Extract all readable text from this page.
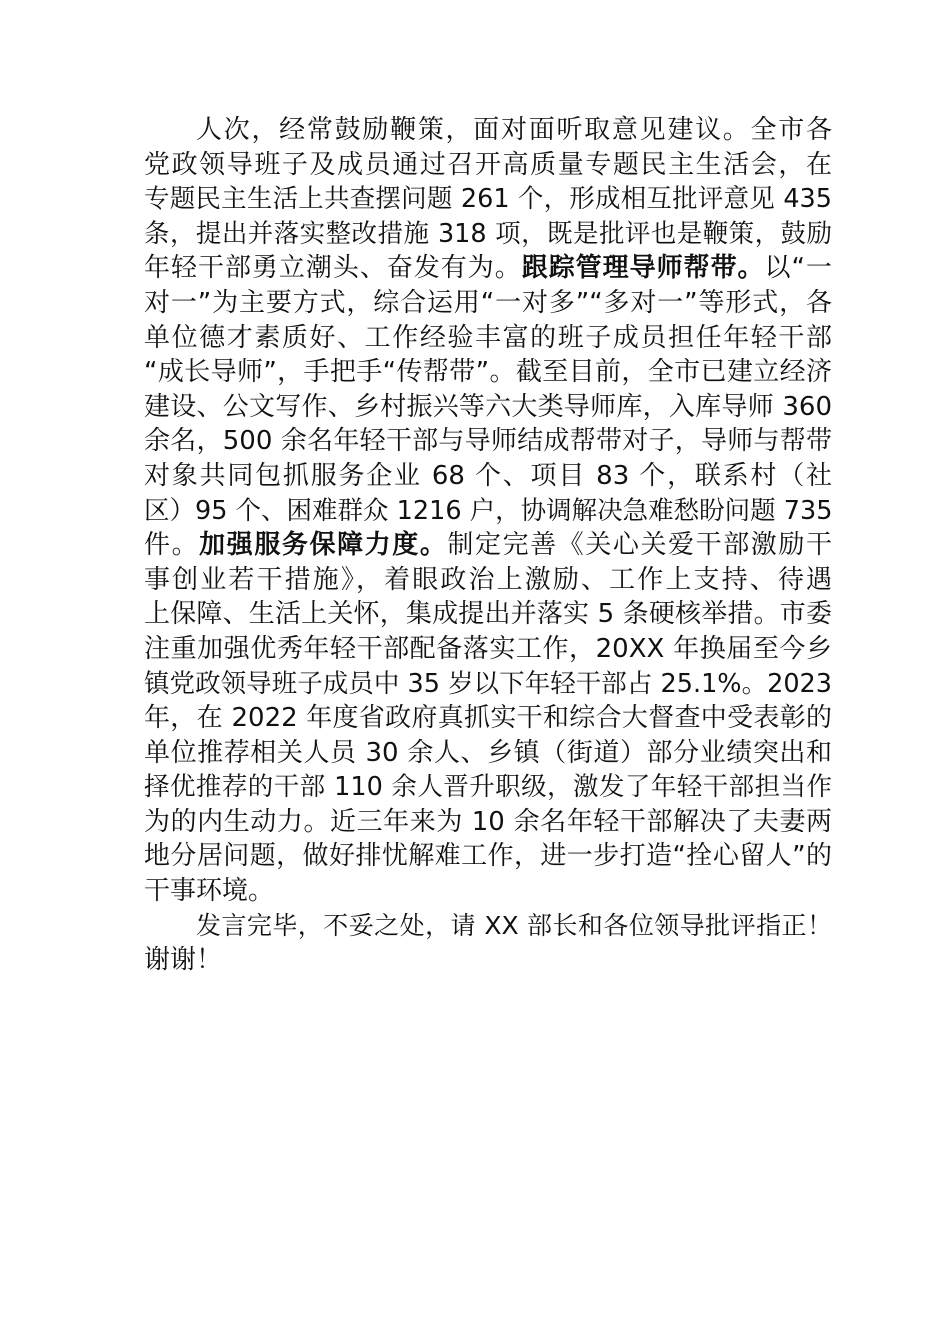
人次，经常鼓励鞭策，面对面听取意见建议。全市各
党政领导班子及成员通过召开高质量专题民主生活会，在
专题民主生活上共查摆问题 261 个，形成相互批评意见 435
条，提出并落实整改措施 318 项，既是批评也是鞭策，鼓励
年轻干部勇立潮头、奋发有为。跟踪管理导师帮带。以“一
对一”为主要方式，综合运用“一对多”“多对一”等形式，各
单位德才素质好、工作经验丰富的班子成员担任年轻干部
“成长导师”，手把手“传帮带”。截至目前，全市已建立经济
建设、公文写作、乡村振兴等六大类导师库，入库导师 360
余名，500 余名年轻干部与导师结成帮带对子，导师与帮带
对象共同包抓服务企业 68 个、项目 83 个，联系村（社
区）95 个、困难群众 1216 户，协调解决急难愁盼问题 735
件。加强服务保障力度。制定完善《关心关爱干部激励干
事创业若干措施》，着眼政治上激励、工作上支持、待遇
上保障、生活上关怀，集成提出并落实 5 条硬核举措。市委
注重加强优秀年轻干部配备落实工作，20XX 年换届至今乡
镇党政领导班子成员中 35 岁以下年轻干部占 25.1%。2023
年，在 2022 年度省政府真抓实干和综合大督查中受表彰的
单位推荐相关人员 30 余人、乡镇（街道）部分业绩突出和
择优推荐的干部 110 余人晋升职级，激发了年轻干部担当作
为的内生动力。近三年来为 10 余名年轻干部解决了夫妻两
地分居问题，做好排忧解难工作，进一步打造“拴心留人”的
干事环境。
发言完毕，不妥之处，请 XX 部长和各位领导批评指正！
谢谢！
